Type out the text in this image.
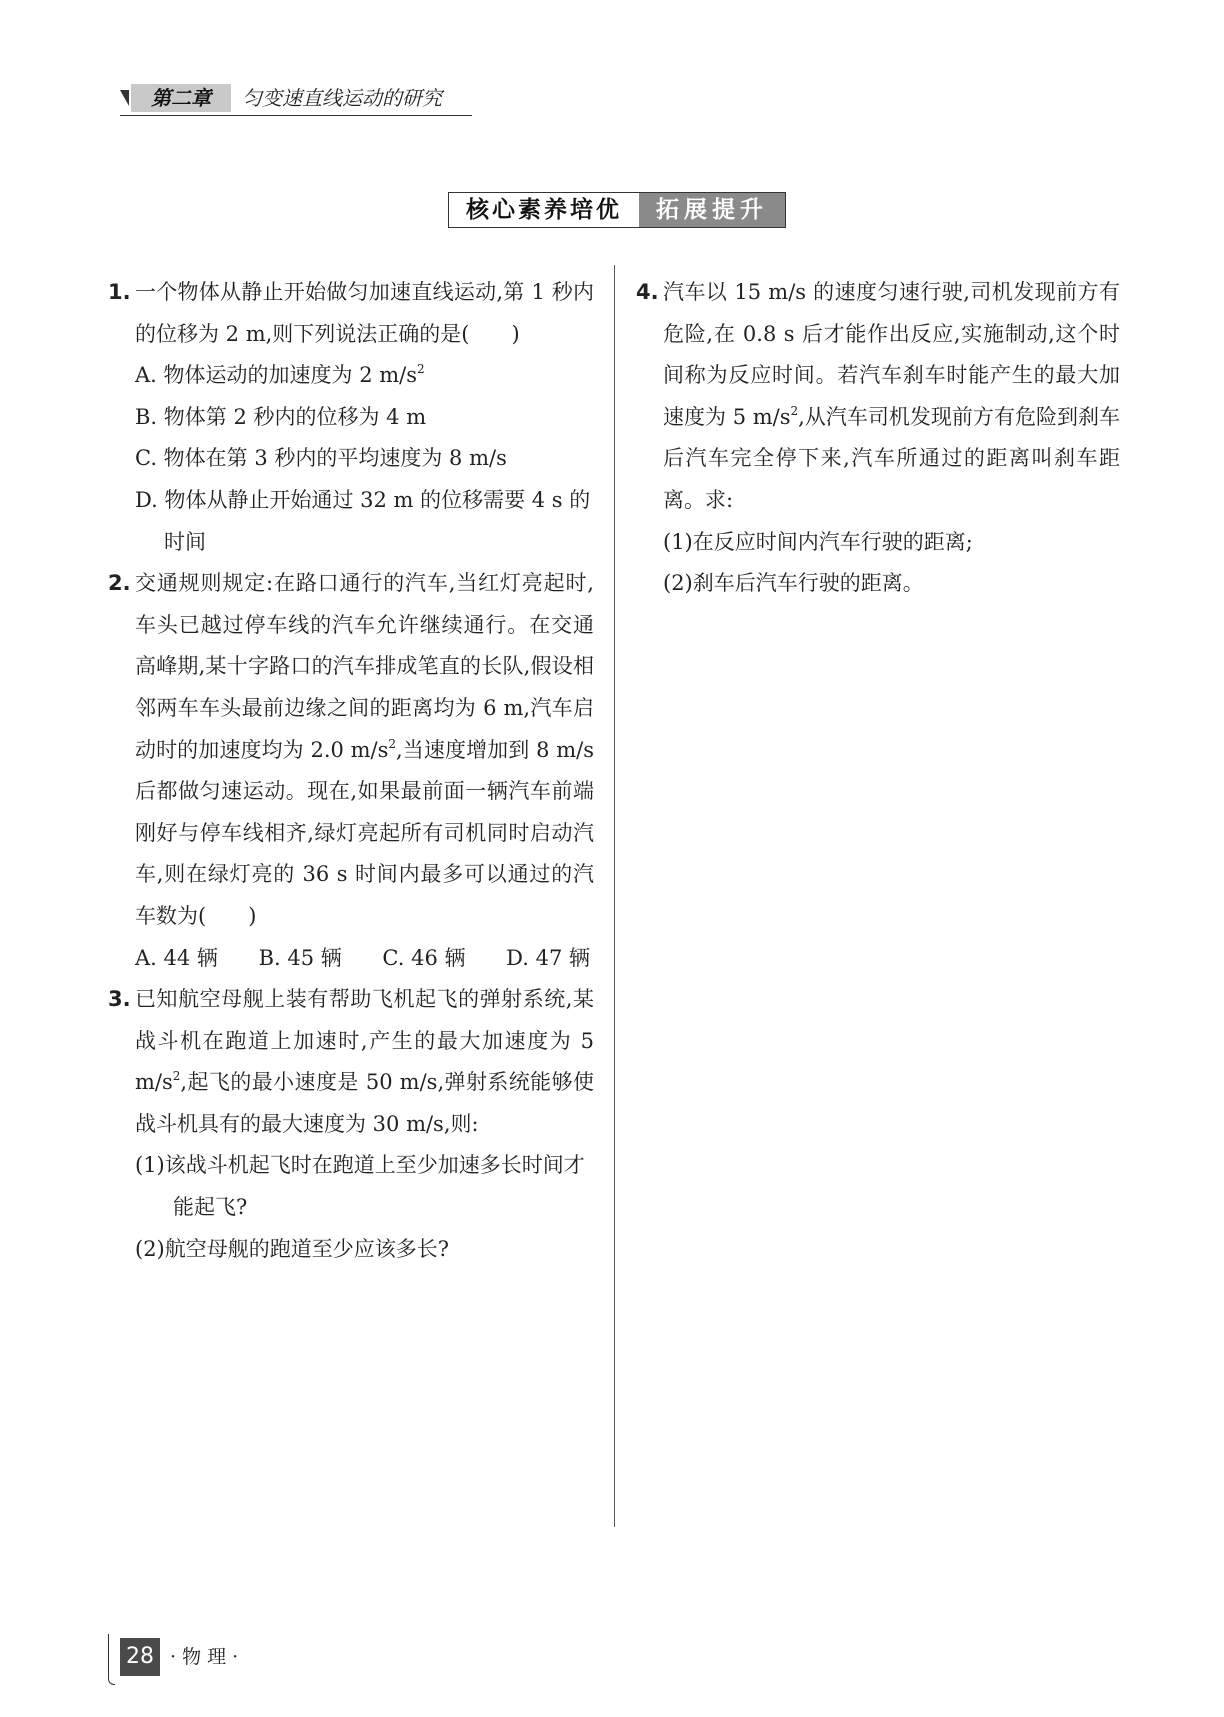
第二章	匀变速直线运动的研究
核心素养培优	拓展提升
1. 一个物体从静止开始做匀加速直线运动,第 1 秒内的位移为 2 m,则下列说法正确的是(　　)
A. 物体运动的加速度为 2 $m/s^2$
B. 物体第 2 秒内的位移为 4 m
C. 物体在第 3 秒内的平均速度为 8 m/s
D. 物体从静止开始通过 32 m 的位移需要 4 s 的时间
2. 交通规则规定:在路口通行的汽车,当红灯亮起时,车头已越过停车线的汽车允许继续通行。在交通高峰期,某十字路口的汽车排成笔直的长队,假设相邻两车车头最前边缘之间的距离均为 6 m,汽车启动时的加速度均为 2.0 $m/s^2$,当速度增加到 8 m/s 后都做匀速运动。现在,如果最前面一辆汽车前端刚好与停车线相齐,绿灯亮起所有司机同时启动汽车,则在绿灯亮的 36 s 时间内最多可以通过的汽车数为(　　)
A. 44 辆 B. 45 辆 C. 46 辆 D. 47 辆
3. 已知航空母舰上装有帮助飞机起飞的弹射系统,某战斗机在跑道上加速时,产生的最大加速度为 5 $m/s^2$,起飞的最小速度是 50 m/s,弹射系统能够使战斗机具有的最大速度为 30 m/s,则:
(1)该战斗机起飞时在跑道上至少加速多长时间才能起飞?
(2)航空母舰的跑道至少应该多长?
4. 汽车以 15 m/s 的速度匀速行驶,司机发现前方有危险,在 0.8 s 后才能作出反应,实施制动,这个时间称为反应时间。若汽车刹车时能产生的最大加速度为 5 $m/s^2$,从汽车司机发现前方有危险到刹车后汽车完全停下来,汽车所通过的距离叫刹车距离。求:
(1)在反应时间内汽车行驶的距离;
(2)刹车后汽车行驶的距离。
28 · 物 理 ·
